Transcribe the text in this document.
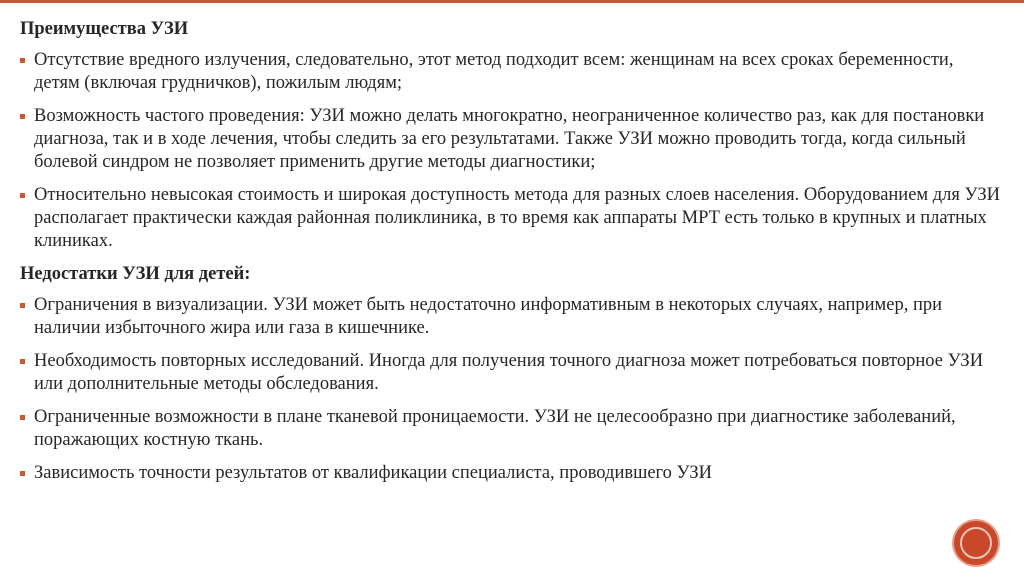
Преимущества УЗИ
Отсутствие вредного излучения, следовательно, этот метод подходит всем: женщинам на всех сроках беременности, детям (включая грудничков), пожилым людям;
Возможность частого проведения: УЗИ можно делать многократно, неограниченное количество раз, как для постановки диагноза, так и в ходе лечения, чтобы следить за его результатами. Также УЗИ можно проводить тогда, когда сильный болевой синдром не позволяет применить другие методы диагностики;
Относительно невысокая стоимость и широкая доступность метода для разных слоев населения. Оборудованием для УЗИ располагает практически каждая районная поликлиника, в то время как аппараты МРТ есть только в крупных и платных клиниках.
Недостатки УЗИ для детей:
Ограничения в визуализации. УЗИ может быть недостаточно информативным в некоторых случаях, например, при наличии избыточного жира или газа в кишечнике.
Необходимость повторных исследований. Иногда для получения точного диагноза может потребоваться повторное УЗИ или дополнительные методы обследования.
Ограниченные возможности в плане тканевой проницаемости. УЗИ не целесообразно при диагностике заболеваний, поражающих костную ткань.
Зависимость точности результатов от квалификации специалиста, проводившего УЗИ
